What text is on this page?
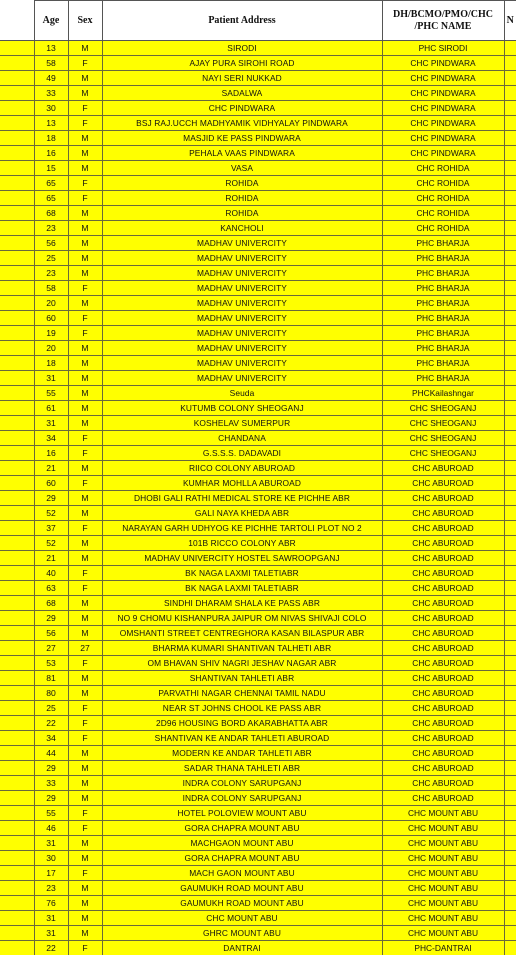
	Age	Sex	Patient Address	DH/BCMO/PMO/CHC
/PHC NAME	N
	13	M	SIRODI	PHC SIRODI	
	58	F	AJAY PURA SIROHI ROAD	CHC PINDWARA	
	49	M	NAYI SERI NUKKAD	CHC PINDWARA	
	33	M	SADALWA	CHC PINDWARA	
	30	F	CHC PINDWARA	CHC PINDWARA	
	13	F	BSJ RAJ.UCCH MADHYAMIK VIDHYALAY PINDWARA	CHC PINDWARA	
	18	M	MASJID KE PASS PINDWARA	CHC PINDWARA	
	16	M	PEHALA VAAS PINDWARA	CHC PINDWARA	
	15	M	VASA	CHC ROHIDA	
	65	F	ROHIDA	CHC ROHIDA	
	65	F	ROHIDA	CHC ROHIDA	
	68	M	ROHIDA	CHC ROHIDA	
	23	M	KANCHOLI	CHC ROHIDA	
	56	M	MADHAV UNIVERCITY	PHC BHARJA	
	25	M	MADHAV UNIVERCITY	PHC BHARJA	
	23	M	MADHAV UNIVERCITY	PHC BHARJA	
	58	F	MADHAV UNIVERCITY	PHC BHARJA	
	20	M	MADHAV UNIVERCITY	PHC BHARJA	
	60	F	MADHAV UNIVERCITY	PHC BHARJA	
	19	F	MADHAV UNIVERCITY	PHC BHARJA	
	20	M	MADHAV UNIVERCITY	PHC BHARJA	
	18	M	MADHAV UNIVERCITY	PHC BHARJA	
	31	M	MADHAV UNIVERCITY	PHC BHARJA	
	55	M	Seuda	PHCKailashngar	
	61	M	KUTUMB COLONY SHEOGANJ	CHC SHEOGANJ	
	31	M	KOSHELAV SUMERPUR	CHC SHEOGANJ	
	34	F	CHANDANA	CHC SHEOGANJ	
	16	F	G.S.S.S. DADAVADI	CHC SHEOGANJ	
	21	M	RIICO COLONY ABUROAD	CHC ABUROAD	
	60	F	KUMHAR MOHLLA ABUROAD	CHC ABUROAD	
	29	M	DHOBI GALI RATHI MEDICAL STORE KE PICHHE ABR	CHC ABUROAD	
	52	M	GALI NAYA KHEDA ABR	CHC ABUROAD	
	37	F	NARAYAN GARH UDHYOG KE PICHHE TARTOLI PLOT NO 2	CHC ABUROAD	
	52	M	101B RICCO COLONY ABR	CHC ABUROAD	
	21	M	MADHAV UNIVERCITY HOSTEL SAWROOPGANJ	CHC ABUROAD	
	40	F	BK NAGA LAXMI TALETIABR	CHC ABUROAD	
	63	F	BK NAGA LAXMI TALETIABR	CHC ABUROAD	
	68	M	SINDHI DHARAM SHALA KE PASS ABR	CHC ABUROAD	
	29	M	NO 9 CHOMU KISHANPURA JAIPUR OM NIVAS SHIVAJI COLO	CHC ABUROAD	
	56	M	OMSHANTI STREET CENTREGHORA KASAN BILASPUR ABR	CHC ABUROAD	
	27	27	BHARMA KUMARI SHANTIVAN TALHETI ABR	CHC ABUROAD	
	53	F	OM BHAVAN SHIV NAGRI JESHAV NAGAR ABR	CHC ABUROAD	
	81	M	SHANTIVAN TAHLETI ABR	CHC ABUROAD	
	80	M	PARVATHI NAGAR CHENNAI TAMIL NADU	CHC ABUROAD	
	25	F	NEAR ST JOHNS CHOOL KE PASS ABR	CHC ABUROAD	
	22	F	2D96 HOUSING BORD AKARABHATTA ABR	CHC ABUROAD	
	34	F	SHANTIVAN KE ANDAR TAHLETI ABUROAD	CHC ABUROAD	
	44	M	MODERN KE ANDAR TAHLETI ABR	CHC ABUROAD	
	29	M	SADAR THANA TAHLETI ABR	CHC ABUROAD	
	33	M	INDRA COLONY SARUPGANJ	CHC ABUROAD	
	29	M	INDRA COLONY SARUPGANJ	CHC ABUROAD	
	55	F	HOTEL POLOVIEW MOUNT ABU	CHC MOUNT ABU	
	46	F	GORA CHAPRA MOUNT ABU	CHC MOUNT ABU	
	31	M	MACHGAON MOUNT ABU	CHC MOUNT ABU	
	30	M	GORA CHAPRA MOUNT ABU	CHC MOUNT ABU	
	17	F	MACH GAON MOUNT ABU	CHC MOUNT ABU	
	23	M	GAUMUKH ROAD MOUNT ABU	CHC MOUNT ABU	
	76	M	GAUMUKH ROAD MOUNT ABU	CHC MOUNT ABU	
	31	M	CHC MOUNT ABU	CHC MOUNT ABU	
	31	M	GHRC MOUNT ABU	CHC MOUNT ABU	
	22	F	DANTRAI	PHC-DANTRAI	
